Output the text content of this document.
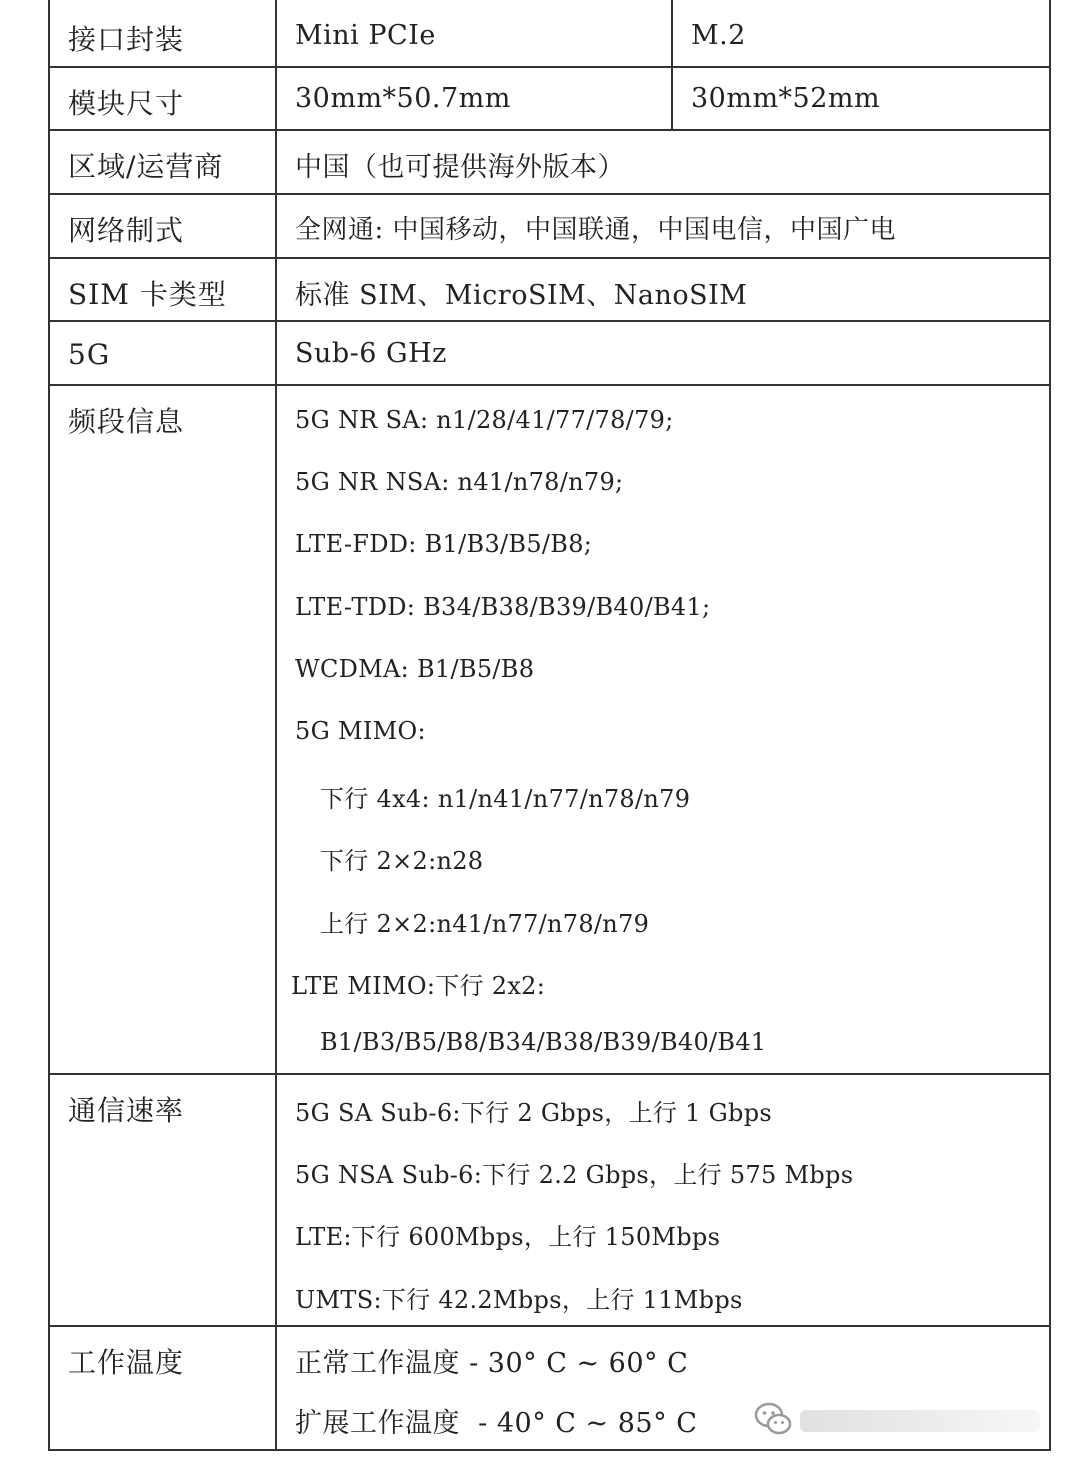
接口封装	Mini PCIe	M.2
模块尺寸	30mm*50.7mm	30mm*52mm
区域/运营商	中国（也可提供海外版本）
网络制式	全网通: 中国移动，中国联通，中国电信，中国广电
SIM 卡类型	标准 SIM、MicroSIM、NanoSIM
5G	Sub-6 GHz
频段信息	5G NR SA: n1/28/41/77/78/79;
5G NR NSA: n41/n78/n79;
LTE-FDD: B1/B3/B5/B8;
LTE-TDD: B34/B38/B39/B40/B41;
WCDMA: B1/B5/B8
5G MIMO:
下行 4x4: n1/n41/n77/n78/n79
下行 2×2:n28
上行 2×2:n41/n77/n78/n79
LTE MIMO:下行 2x2:
B1/B3/B5/B8/B34/B38/B39/B40/B41
通信速率	5G SA Sub-6:下行 2 Gbps，上行 1 Gbps
5G NSA Sub-6:下行 2.2 Gbps，上行 575 Mbps
LTE:下行 600Mbps，上行 150Mbps
UMTS:下行 42.2Mbps，上行 11Mbps
工作温度	正常工作温度 - 30° C ~ 60° C
扩展工作温度  - 40° C ~ 85° C
